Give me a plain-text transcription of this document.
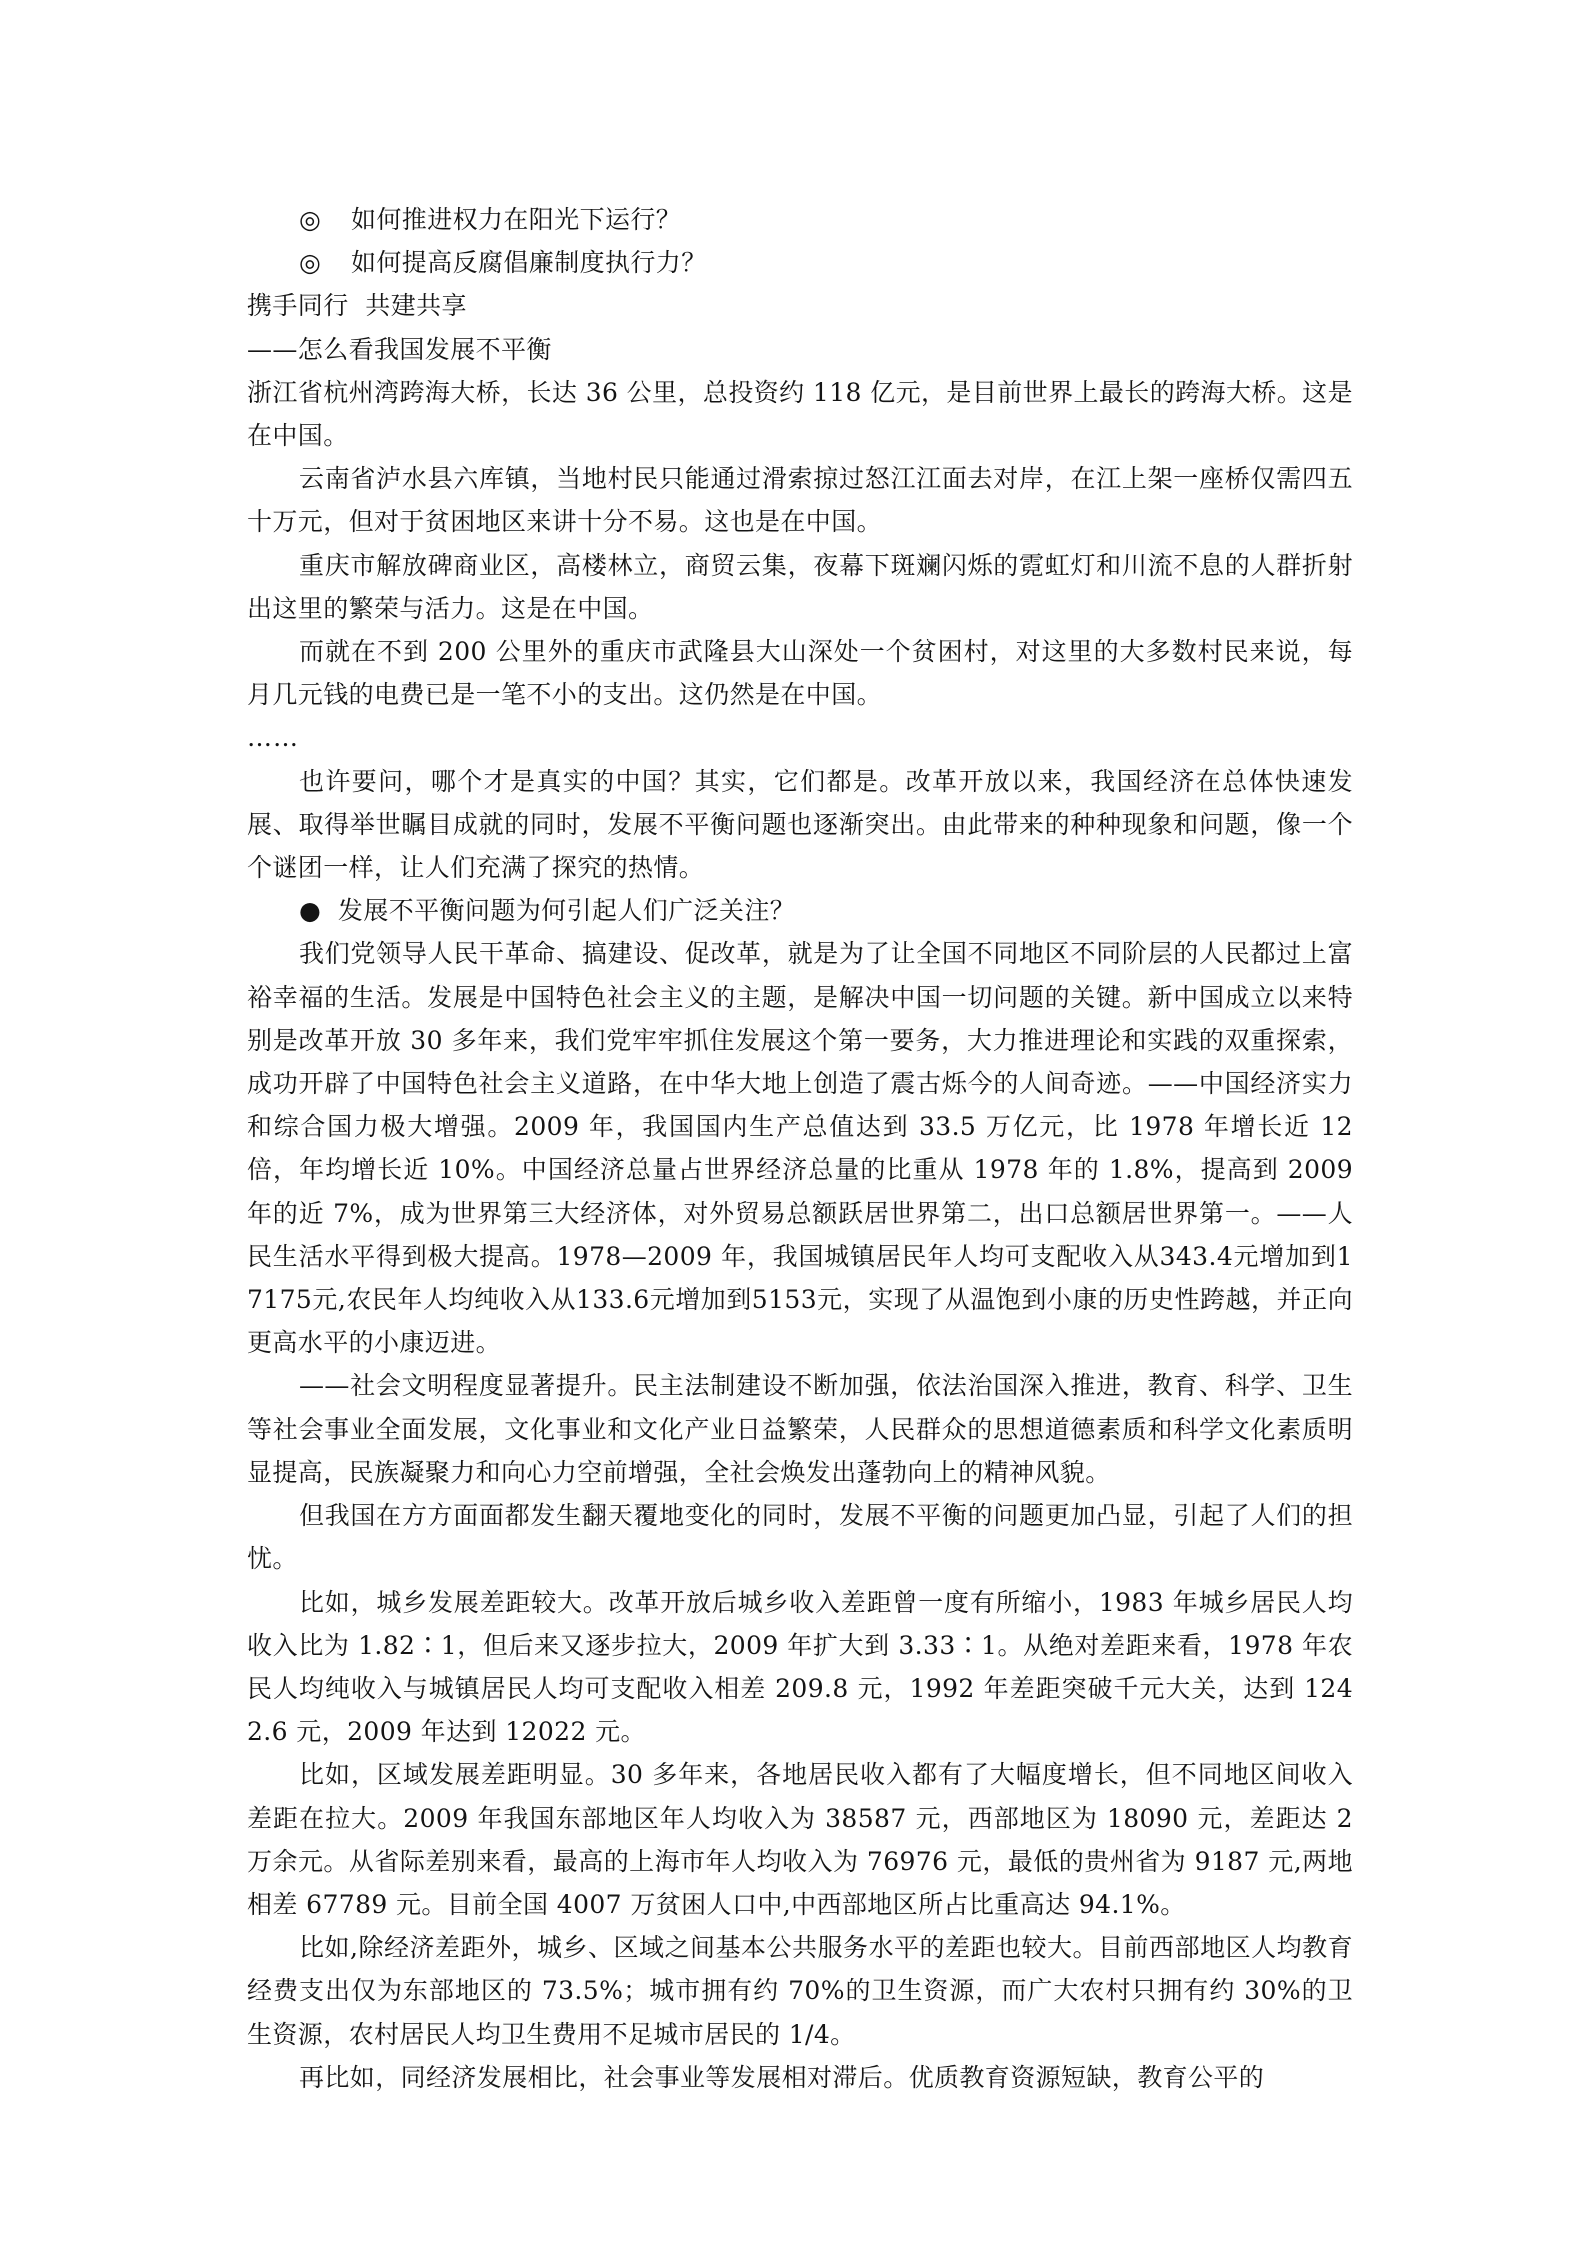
◎ 如何推进权力在阳光下运行？

◎ 如何提高反腐倡廉制度执行力？

携手同行  共建共享

——怎么看我国发展不平衡

浙江省杭州湾跨海大桥，长达 36 公里，总投资约 118 亿元，是目前世界上最长的跨海大桥。这是在中国。

云南省泸水县六库镇，当地村民只能通过滑索掠过怒江江面去对岸，在江上架一座桥仅需四五十万元，但对于贫困地区来讲十分不易。这也是在中国。

重庆市解放碑商业区，高楼林立，商贸云集，夜幕下斑斓闪烁的霓虹灯和川流不息的人群折射出这里的繁荣与活力。这是在中国。

而就在不到 200 公里外的重庆市武隆县大山深处一个贫困村，对这里的大多数村民来说，每月几元钱的电费已是一笔不小的支出。这仍然是在中国。

……

也许要问，哪个才是真实的中国？其实，它们都是。改革开放以来，我国经济在总体快速发展、取得举世瞩目成就的同时，发展不平衡问题也逐渐突出。由此带来的种种现象和问题，像一个个谜团一样，让人们充满了探究的热情。

● 发展不平衡问题为何引起人们广泛关注？

我们党领导人民干革命、搞建设、促改革，就是为了让全国不同地区不同阶层的人民都过上富裕幸福的生活。发展是中国特色社会主义的主题，是解决中国一切问题的关键。新中国成立以来特别是改革开放 30 多年来，我们党牢牢抓住发展这个第一要务，大力推进理论和实践的双重探索，成功开辟了中国特色社会主义道路，在中华大地上创造了震古烁今的人间奇迹。——中国经济实力和综合国力极大增强。2009 年，我国国内生产总值达到 33.5 万亿元，比 1978 年增长近 12 倍，年均增长近 10%。中国经济总量占世界经济总量的比重从 1978 年的 1.8%，提高到 2009 年的近 7%，成为世界第三大经济体，对外贸易总额跃居世界第二，出口总额居世界第一。——人民生活水平得到极大提高。1978—2009 年，我国城镇居民年人均可支配收入从343.4元增加到17175元,农民年人均纯收入从133.6元增加到5153元，实现了从温饱到小康的历史性跨越，并正向更高水平的小康迈进。

——社会文明程度显著提升。民主法制建设不断加强，依法治国深入推进，教育、科学、卫生等社会事业全面发展，文化事业和文化产业日益繁荣，人民群众的思想道德素质和科学文化素质明显提高，民族凝聚力和向心力空前增强，全社会焕发出蓬勃向上的精神风貌。

但我国在方方面面都发生翻天覆地变化的同时，发展不平衡的问题更加凸显，引起了人们的担忧。

比如，城乡发展差距较大。改革开放后城乡收入差距曾一度有所缩小，1983 年城乡居民人均收入比为 1.82∶1，但后来又逐步拉大，2009 年扩大到 3.33∶1。从绝对差距来看，1978 年农民人均纯收入与城镇居民人均可支配收入相差 209.8 元，1992 年差距突破千元大关，达到 1242.6 元，2009 年达到 12022 元。

比如，区域发展差距明显。30 多年来，各地居民收入都有了大幅度增长，但不同地区间收入差距在拉大。2009 年我国东部地区年人均收入为 38587 元，西部地区为 18090 元，差距达 2 万余元。从省际差别来看，最高的上海市年人均收入为 76976 元，最低的贵州省为 9187 元,两地相差 67789 元。目前全国 4007 万贫困人口中,中西部地区所占比重高达 94.1%。

比如,除经济差距外，城乡、区域之间基本公共服务水平的差距也较大。目前西部地区人均教育经费支出仅为东部地区的 73.5%；城市拥有约 70%的卫生资源，而广大农村只拥有约 30%的卫生资源，农村居民人均卫生费用不足城市居民的 1/4。

再比如，同经济发展相比，社会事业等发展相对滞后。优质教育资源短缺，教育公平的
